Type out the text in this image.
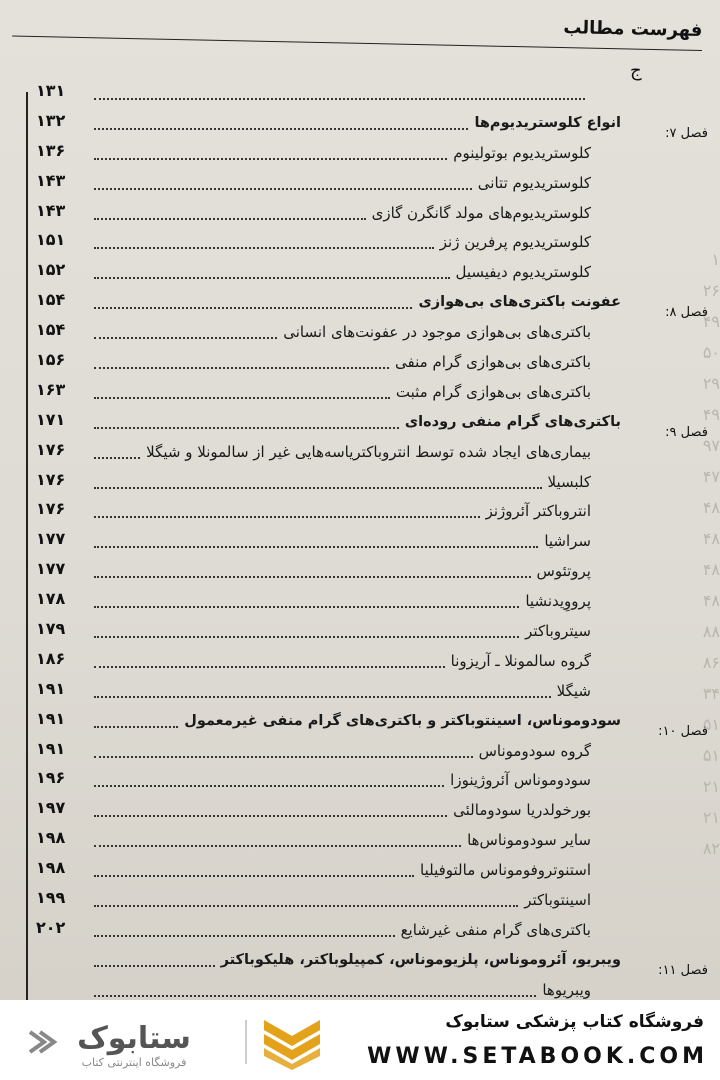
۱
۲۶
۴۹
۵۰
۲۹
۴۹
۹۷
۴۷
۴۸
۴۸
۴۸
۴۸
۸۸
۸۶
۳۴
۵۱
۵۱
۲۱
۲۱
۸۲
فهرست مطالب
ج
۱۳۱
فصل ۷:
انواع کلوستریدیوم‌ها
۱۳۲
کلوستریدیوم بوتولینوم
۱۳۶
کلوستریدیوم تتانی
۱۴۳
کلوستریدیوم‌های مولد گانگرن گازی
۱۴۳
کلوستریدیوم پرفرین ژنز
۱۵۱
کلوستریدیوم دیفیسیل
۱۵۲
فصل ۸:
عفونت باکتری‌های بی‌هوازی
۱۵۴
باکتری‌های بی‌هوازی موجود در عفونت‌های انسانی
۱۵۴
باکتری‌های بی‌هوازی گرام منفی
۱۵۶
باکتری‌های بی‌هوازی گرام مثبت
۱۶۳
فصل ۹:
باکتری‌های گرام منفی روده‌ای
۱۷۱
بیماری‌های ایجاد شده توسط انتروباکتریاسه‌هایی غیر از سالمونلا و شیگلا
۱۷۶
کلبسیلا
۱۷۶
انتروباکتر آئروژنز
۱۷۶
سراشیا
۱۷۷
پروتئوس
۱۷۷
پرووِیدنشیا
۱۷۸
سیتروباکتر
۱۷۹
گروه سالمونلا ـ آریزونا
۱۸۶
شیگلا
۱۹۱
فصل ۱۰:
سودوموناس، اسینتوباکتر و باکتری‌های گرام منفی غیرمعمول
۱۹۱
گروه سودوموناس
۱۹۱
سودوموناس آئروژینوزا
۱۹۶
بورخولدریا سودومالئی
۱۹۷
سایر سودوموناس‌ها
۱۹۸
استنوتروفوموناس مالتوفیلیا
۱۹۸
اسینتوباکتر
۱۹۹
باکتری‌های گرام منفی غیرشایع
۲۰۲
فصل ۱۱:
ویبریو، آئروموناس، پلزیوموناس، کمپیلوباکتر، هلیکوباکتر
ویبریوها
ستابوک
فروشگاه اینترنتی کتاب
فروشگاه کتاب پزشکی ستابوک
WWW.SETABOOK.COM
